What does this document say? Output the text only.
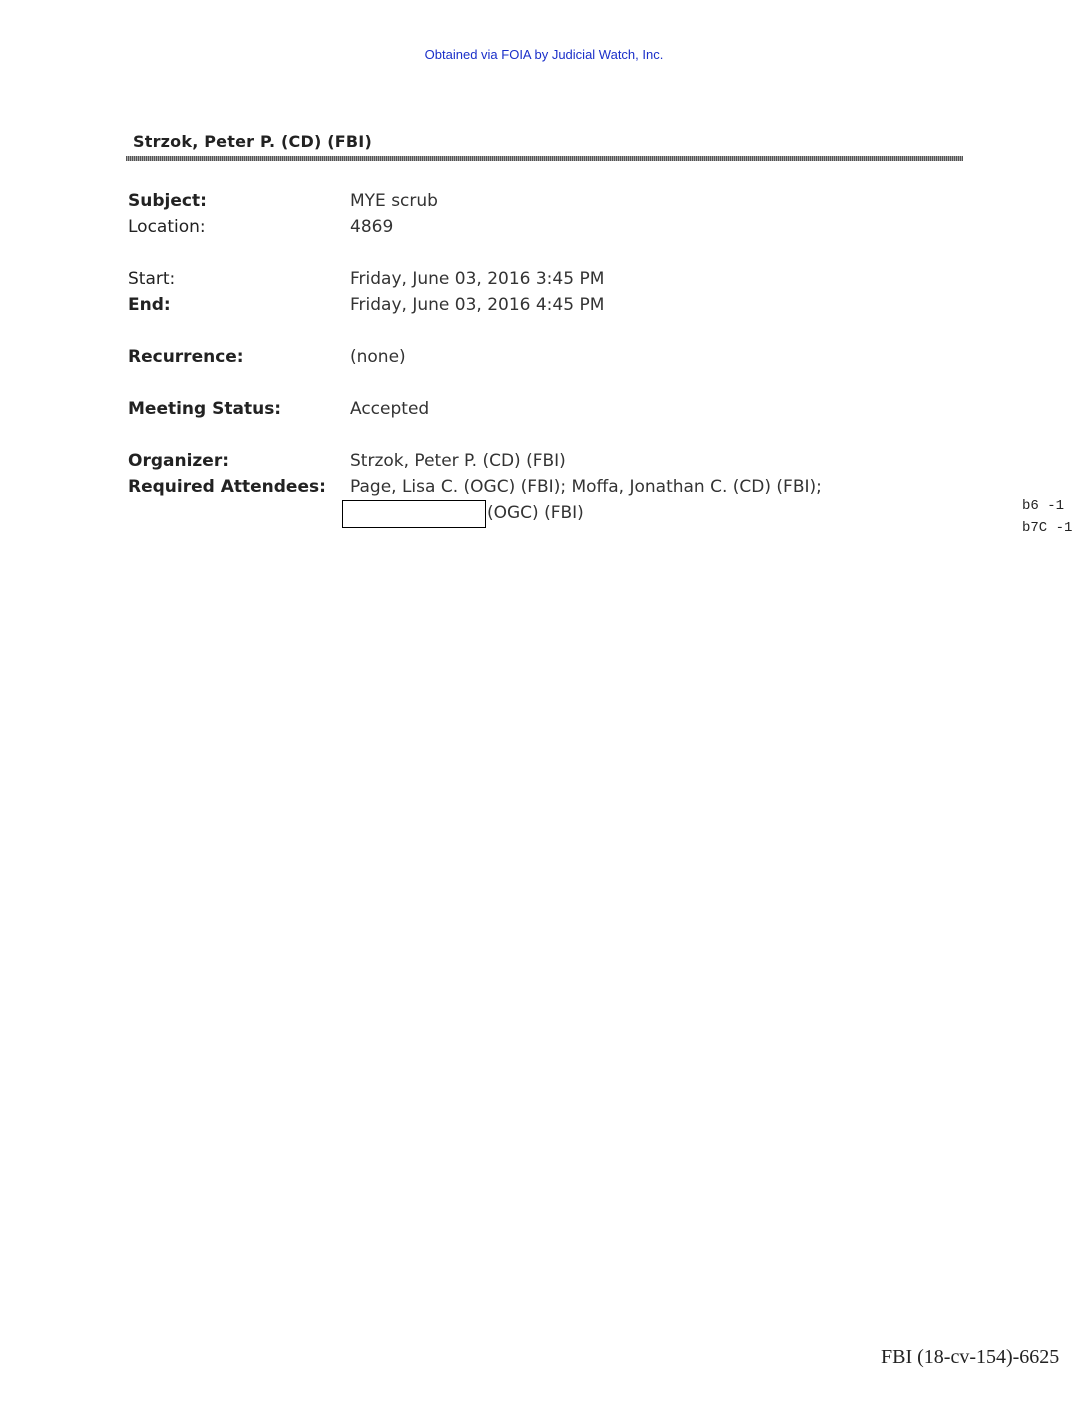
Obtained via FOIA by Judicial Watch, Inc.
Strzok, Peter P. (CD) (FBI)
Subject:	MYE scrub
Location:	4869
Start:	Friday, June 03, 2016 3:45 PM
End:	Friday, June 03, 2016 4:45 PM
Recurrence:	(none)
Meeting Status:	Accepted
Organizer:	Strzok, Peter P. (CD) (FBI)
Required Attendees: Page, Lisa C. (OGC) (FBI); Moffa, Jonathan C. (CD) (FBI);
(OGC) (FBI)	b6 -1
b7C -1
FBI (18-cv-154)-6625
